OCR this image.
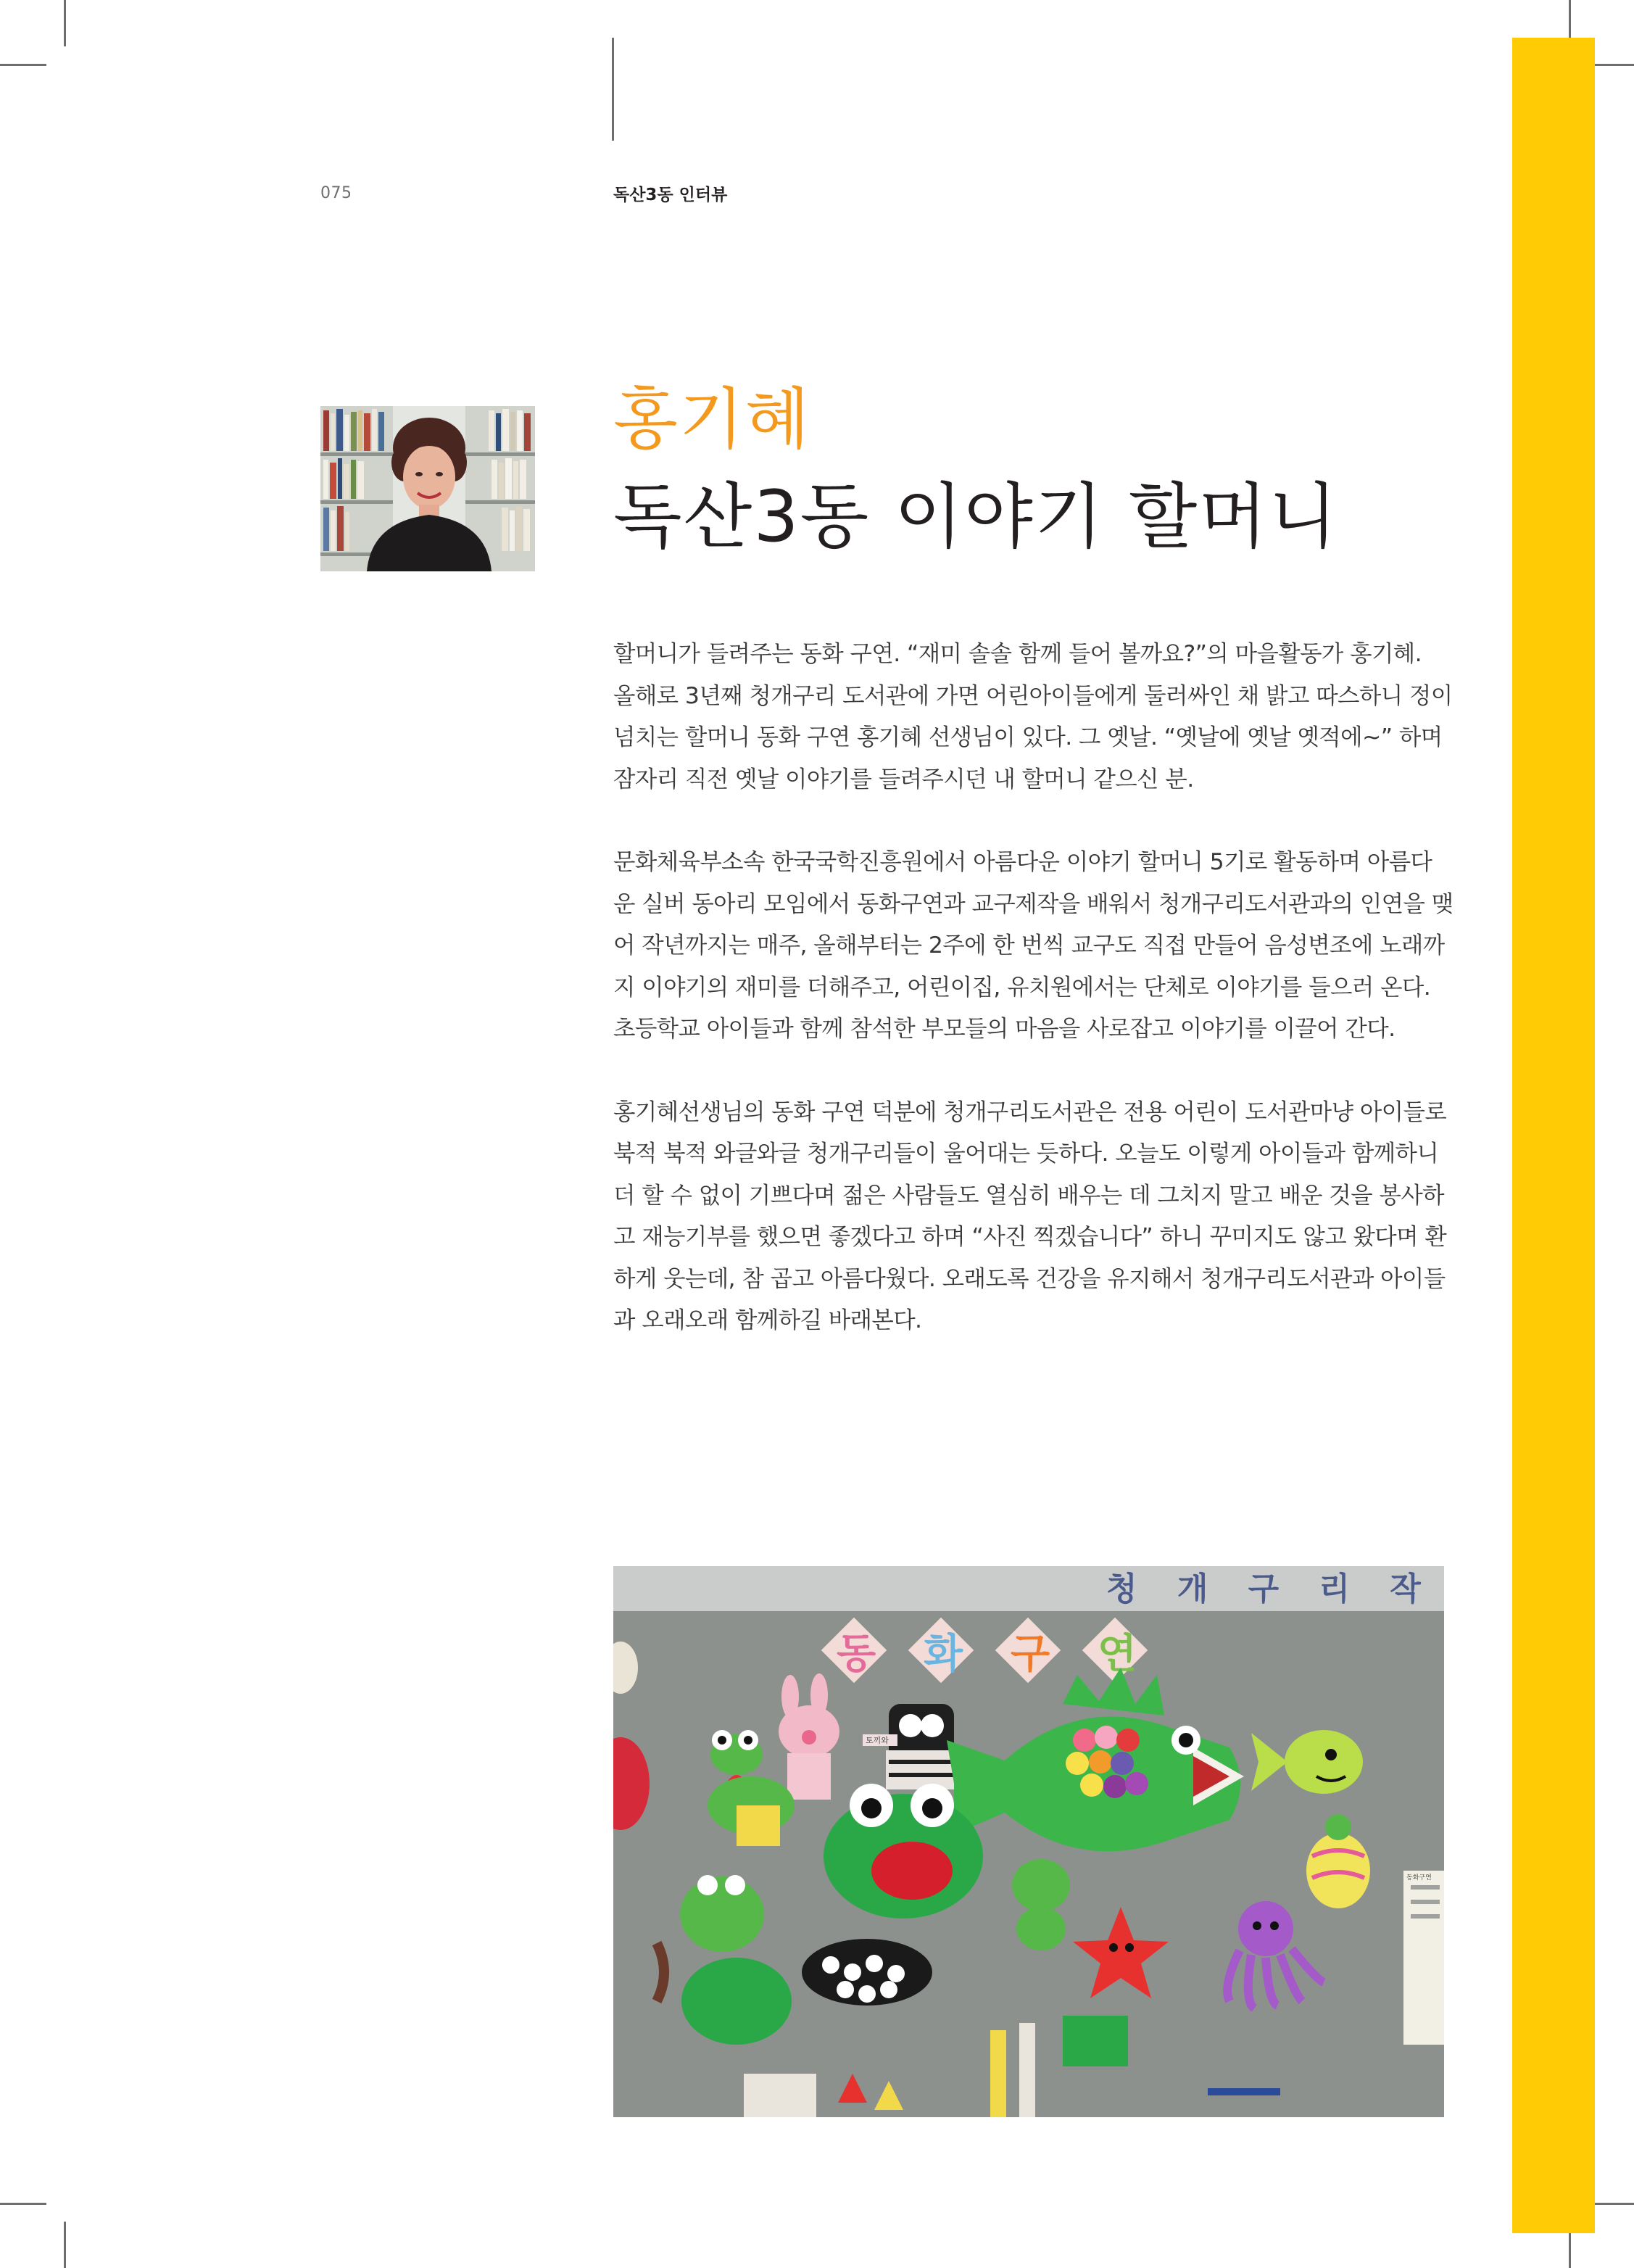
075	독산3동 인터뷰
홍기혜
독산3동 이야기 할머니

할머니가 들려주는 동화 구연. “재미 솔솔 함께 들어 볼까요?”의 마을활동가 홍기혜.
올해로 3년째 청개구리 도서관에 가면 어린아이들에게 둘러싸인 채 밝고 따스하니 정이
넘치는 할머니 동화 구연 홍기혜 선생님이 있다. 그 옛날. “옛날에 옛날 옛적에~” 하며
잠자리 직전 옛날 이야기를 들려주시던 내 할머니 같으신 분.

문화체육부소속 한국국학진흥원에서 아름다운 이야기 할머니 5기로 활동하며 아름다
운 실버 동아리 모임에서 동화구연과 교구제작을 배워서 청개구리도서관과의 인연을 맺
어 작년까지는 매주, 올해부터는 2주에 한 번씩 교구도 직접 만들어 음성변조에 노래까
지 이야기의 재미를 더해주고, 어린이집, 유치원에서는 단체로 이야기를 들으러 온다.
초등학교 아이들과 함께 참석한 부모들의 마음을 사로잡고 이야기를 이끌어 간다.

홍기혜선생님의 동화 구연 덕분에 청개구리도서관은 전용 어린이 도서관마냥 아이들로
북적 북적 와글와글 청개구리들이 울어대는 듯하다. 오늘도 이렇게 아이들과 함께하니
더 할 수 없이 기쁘다며 젊은 사람들도 열심히 배우는 데 그치지 말고 배운 것을 봉사하
고 재능기부를 했으면 좋겠다고 하며 “사진 찍겠습니다” 하니 꾸미지도 않고 왔다며 환
하게 웃는데, 참 곱고 아름다웠다. 오래도록 건강을 유지해서 청개구리도서관과 아이들
과 오래오래 함께하길 바래본다.

청 개 구 리 작
동 화 구 연
토끼와
동화구연
